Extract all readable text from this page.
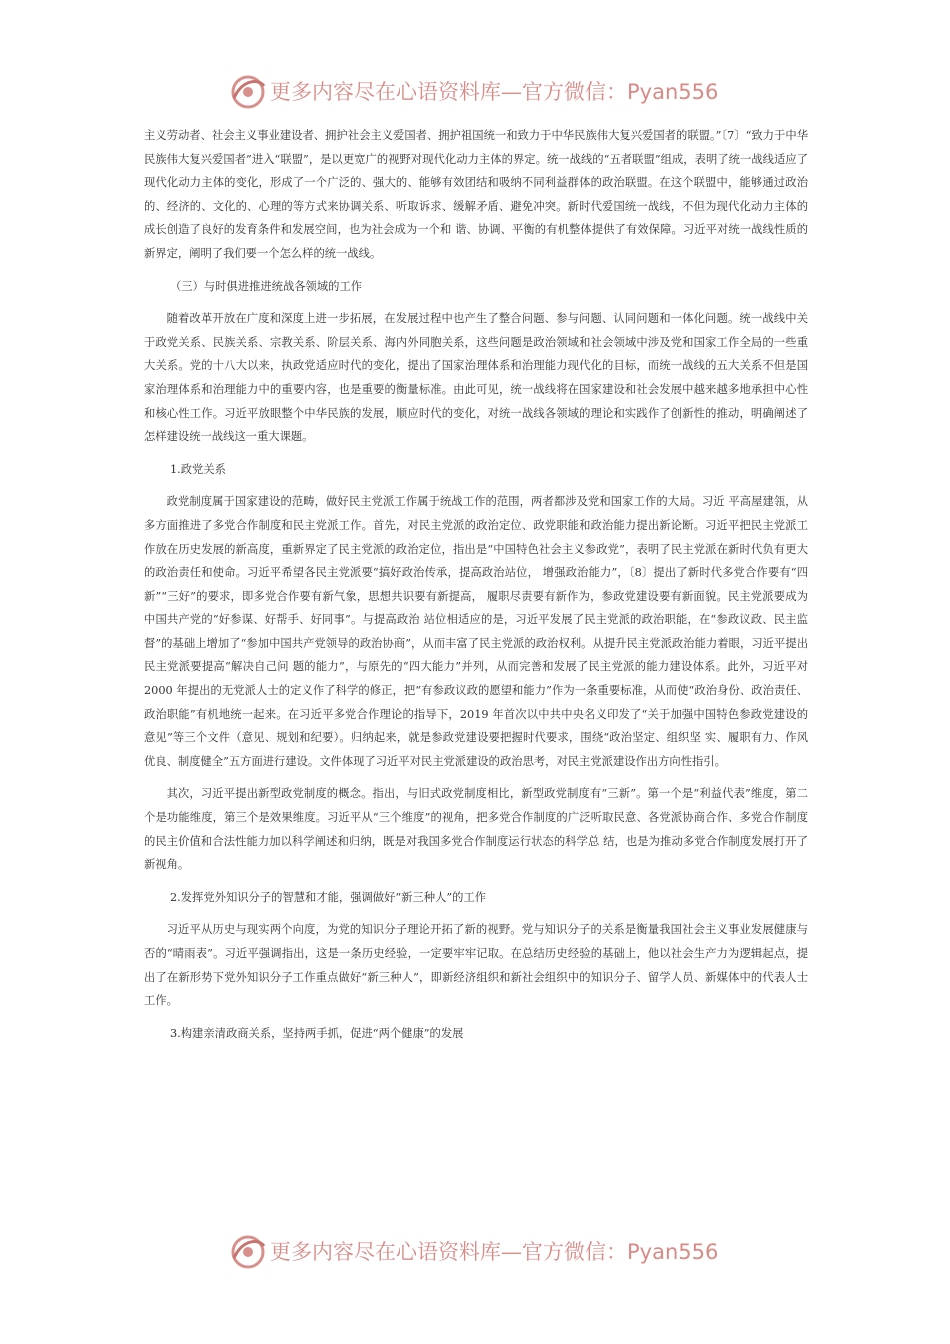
更多内容尽在心语资料库—官方微信：Pyan556

主义劳动者、社会主义事业建设者、拥护社会主义爱国者、拥护祖国统一和致力于中华民族伟大复兴爱国者的联盟。”〔7〕“致力于中华民族伟大复兴爱国者”进入“联盟”，是以更宽广的视野对现代化动力主体的界定。统一战线的“五者联盟”组成，表明了统一战线适应了现代化动力主体的变化，形成了一个广泛的、强大的、能够有效团结和吸纳不同利益群体的政治联盟。在这个联盟中，能够通过政治的、经济的、文化的、心理的等方式来协调关系、听取诉求、缓解矛盾、避免冲突。新时代爱国统一战线，不但为现代化动力主体的成长创造了良好的发育条件和发展空间，也为社会成为一个和 谐、协调、平衡的有机整体提供了有效保障。习近平对统一战线性质的新界定，阐明了我们要一个怎么样的统一战线。

（三）与时俱进推进统战各领域的工作

随着改革开放在广度和深度上进一步拓展，在发展过程中也产生了整合问题、参与问题、认同问题和一体化问题。统一战线中关于政党关系、民族关系、宗教关系、阶层关系、海内外同胞关系，这些问题是政治领域和社会领域中涉及党和国家工作全局的一些重大关系。党的十八大以来，执政党适应时代的变化，提出了国家治理体系和治理能力现代化的目标，而统一战线的五大关系不但是国家治理体系和治理能力中的重要内容，也是重要的衡量标准。由此可见，统一战线将在国家建设和社会发展中越来越多地承担中心性和核心性工作。习近平放眼整个中华民族的发展，顺应时代的变化，对统一战线各领域的理论和实践作了创新性的推动，明确阐述了怎样建设统一战线这一重大课题。

1.政党关系

政党制度属于国家建设的范畴，做好民主党派工作属于统战工作的范围，两者都涉及党和国家工作的大局。习近 平高屋建瓴，从多方面推进了多党合作制度和民主党派工作。首先，对民主党派的政治定位、政党职能和政治能力提出新论断。习近平把民主党派工作放在历史发展的新高度，重新界定了民主党派的政治定位，指出是“中国特色社会主义参政党”，表明了民主党派在新时代负有更大的政治责任和使命。习近平希望各民主党派要“搞好政治传承，提高政治站位， 增强政治能力”，〔8〕提出了新时代多党合作要有“四新”“三好”的要求，即多党合作要有新气象，思想共识要有新提高， 履职尽责要有新作为，参政党建设要有新面貌。民主党派要成为中国共产党的“好参谋、好帮手、好同事”。与提高政治 站位相适应的是，习近平发展了民主党派的政治职能，在“参政议政、民主监督”的基础上增加了“参加中国共产党领导的政治协商”，从而丰富了民主党派的政治权利。从提升民主党派政治能力着眼，习近平提出民主党派要提高“解决自己问 题的能力”，与原先的“四大能力”并列，从而完善和发展了民主党派的能力建设体系。此外，习近平对 2000 年提出的无党派人士的定义作了科学的修正，把“有参政议政的愿望和能力”作为一条重要标准，从而使“政治身份、政治责任、政治职能”有机地统一起来。在习近平多党合作理论的指导下，2019 年首次以中共中央名义印发了“关于加强中国特色参政党建设的意见”等三个文件（意见、规划和纪要）。归纳起来，就是参政党建设要把握时代要求，围绕“政治坚定、组织坚 实、履职有力、作风优良、制度健全”五方面进行建设。文件体现了习近平对民主党派建设的政治思考，对民主党派建设作出方向性指引。

其次，习近平提出新型政党制度的概念。指出，与旧式政党制度相比，新型政党制度有“三新”。第一个是“利益代表”维度，第二个是功能维度，第三个是效果维度。习近平从“三个维度”的视角，把多党合作制度的广泛听取民意、各党派协商合作、多党合作制度的民主价值和合法性能力加以科学阐述和归纳，既是对我国多党合作制度运行状态的科学总 结，也是为推动多党合作制度发展打开了新视角。

2.发挥党外知识分子的智慧和才能，强调做好“新三种人”的工作

习近平从历史与现实两个向度，为党的知识分子理论开拓了新的视野。党与知识分子的关系是衡量我国社会主义事业发展健康与否的“晴雨表”。习近平强调指出，这是一条历史经验，一定要牢牢记取。在总结历史经验的基础上，他以社会生产力为逻辑起点，提出了在新形势下党外知识分子工作重点做好“新三种人”，即新经济组织和新社会组织中的知识分子、留学人员、新媒体中的代表人士工作。

3.构建亲清政商关系，坚持两手抓，促进“两个健康”的发展

更多内容尽在心语资料库—官方微信：Pyan556
